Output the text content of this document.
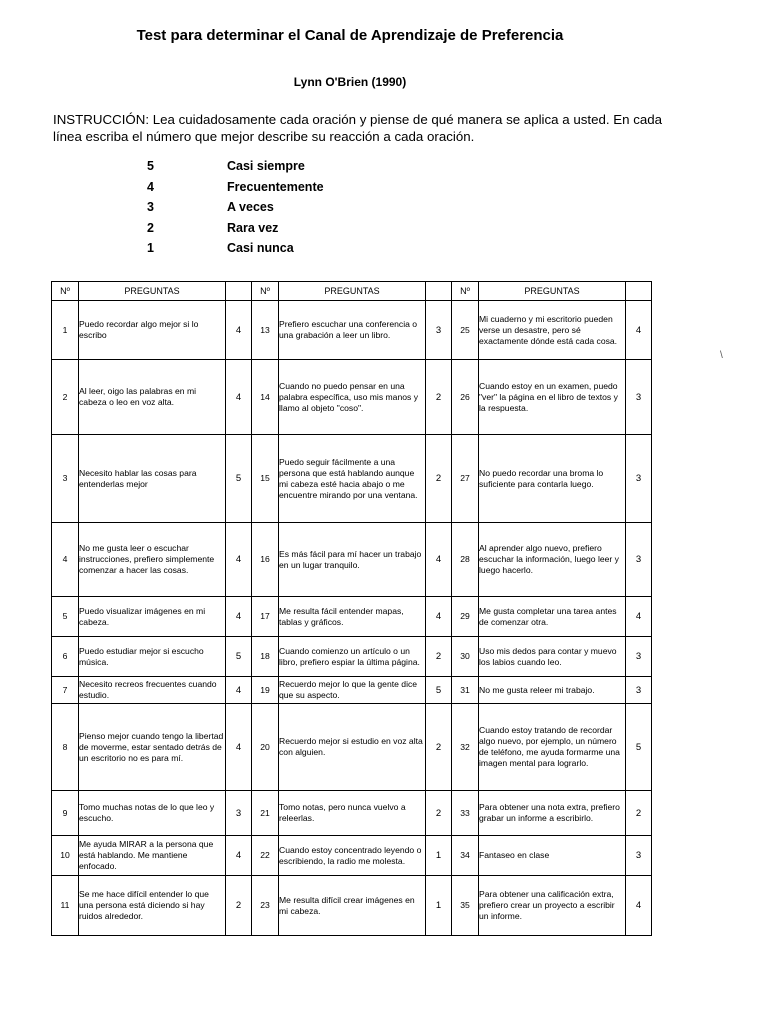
Test para determinar el Canal de Aprendizaje de Preferencia
Lynn O'Brien (1990)
INSTRUCCIÓN: Lea cuidadosamente cada oración y piense de qué manera se aplica a usted. En cada línea escriba el número que mejor describe su reacción a cada oración.
5	Casi siempre
4	Frecuentemente
3	A veces
2	Rara vez
1	Casi nunca
\
Nº	PREGUNTAS		Nº	PREGUNTAS		Nº	PREGUNTAS	
1	Puedo recordar algo mejor si lo escribo	4	13	Prefiero escuchar una conferencia o una grabación a leer un libro.	3	25	Mi cuaderno y mi escritorio pueden verse un desastre, pero sé exactamente dónde está cada cosa.	4
2	Al leer, oigo las palabras en mi cabeza o leo en voz alta.	4	14	Cuando no puedo pensar en una palabra específica, uso mis manos y llamo al objeto "coso".	2	26	Cuando estoy en un examen, puedo "ver" la página en el libro de textos y la respuesta.	3
3	Necesito hablar las cosas para entenderlas mejor	5	15	Puedo seguir fácilmente a una persona que está hablando aunque mi cabeza esté hacia abajo o me encuentre mirando por una ventana.	2	27	No puedo recordar una broma lo suficiente para contarla luego.	3
4	No me gusta leer o escuchar instrucciones, prefiero simplemente comenzar a hacer las cosas.	4	16	Es más fácil para mí hacer un trabajo en un lugar tranquilo.	4	28	Al aprender algo nuevo, prefiero escuchar la información, luego leer y luego hacerlo.	3
5	Puedo visualizar imágenes en mi cabeza.	4	17	Me resulta fácil entender mapas, tablas y gráficos.	4	29	Me gusta completar una tarea antes de comenzar otra.	4
6	Puedo estudiar mejor si escucho música.	5	18	Cuando comienzo un artículo o un libro, prefiero espiar la última página.	2	30	Uso mis dedos para contar y muevo los labios cuando leo.	3
7	Necesito recreos frecuentes cuando estudio.	4	19	Recuerdo mejor lo que la gente dice que su aspecto.	5	31	No me gusta releer mi trabajo.	3
8	Pienso mejor cuando tengo la libertad de moverme, estar sentado detrás de un escritorio no es para mí.	4	20	Recuerdo mejor si estudio en voz alta con alguien.	2	32	Cuando estoy tratando de recordar algo nuevo, por ejemplo, un número de teléfono, me ayuda formarme una imagen mental para lograrlo.	5
9	Tomo muchas notas de lo que leo y escucho.	3	21	Tomo notas, pero nunca vuelvo a releerlas.	2	33	Para obtener una nota extra, prefiero grabar un informe a escribirlo.	2
10	Me ayuda MIRAR a la persona que está hablando. Me mantiene enfocado.	4	22	Cuando estoy concentrado leyendo o escribiendo, la radio me molesta.	1	34	Fantaseo en clase	3
11	Se me hace difícil entender lo que una persona está diciendo si hay ruidos alrededor.	2	23	Me resulta difícil crear imágenes en mi cabeza.	1	35	Para obtener una calificación extra, prefiero crear un proyecto a escribir un informe.	4
